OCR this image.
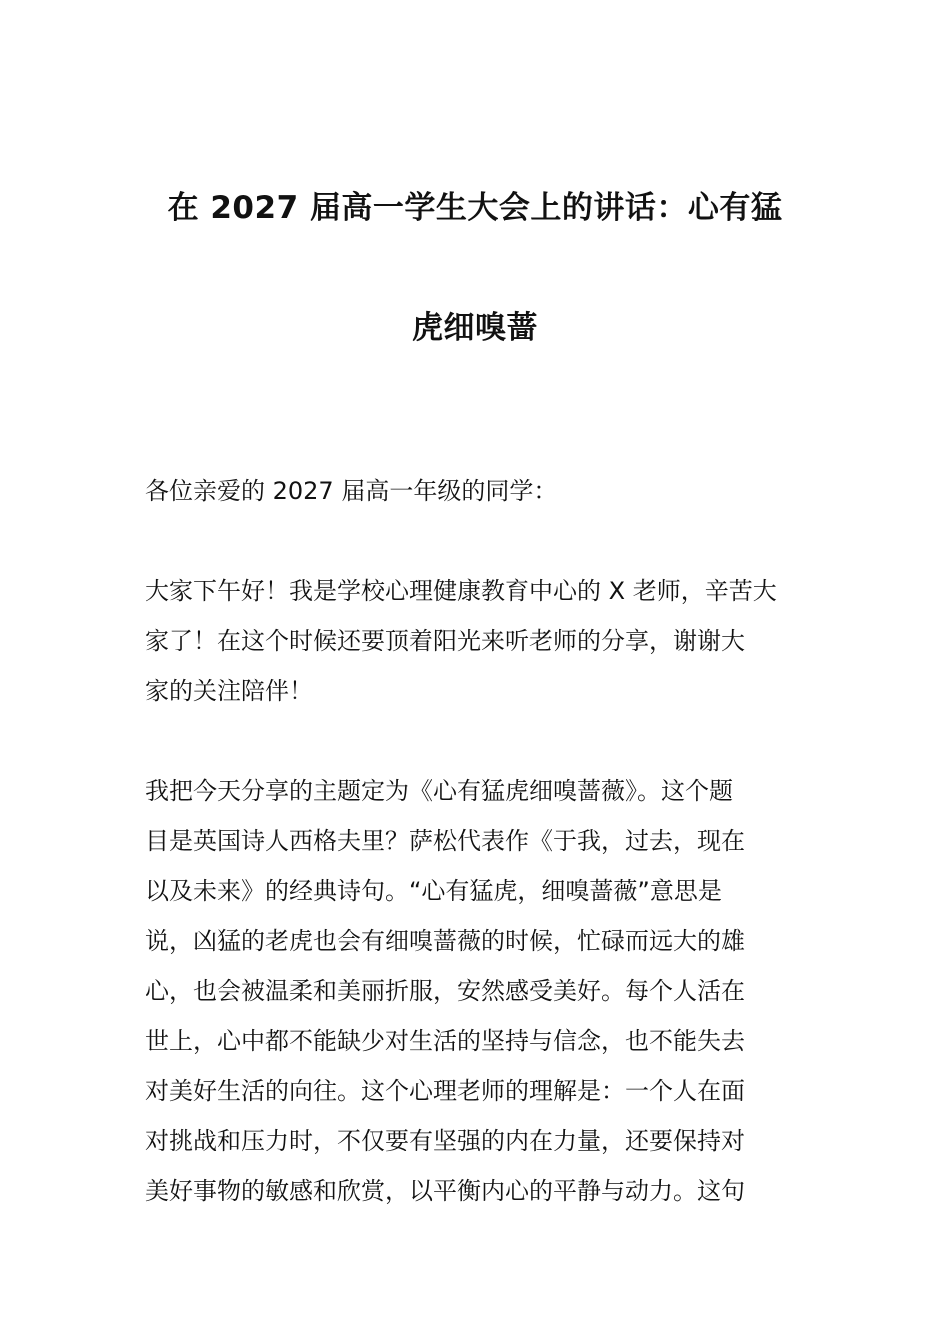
在 2027 届高一学生大会上的讲话：心有猛
虎细嗅蔷

各位亲爱的 2027 届高一年级的同学：

大家下午好！我是学校心理健康教育中心的 X 老师，辛苦大
家了！在这个时候还要顶着阳光来听老师的分享，谢谢大
家的关注陪伴！

我把今天分享的主题定为《心有猛虎细嗅蔷薇》。这个题
目是英国诗人西格夫里？萨松代表作《于我，过去，现在
以及未来》的经典诗句。“心有猛虎，细嗅蔷薇”意思是
说，凶猛的老虎也会有细嗅蔷薇的时候，忙碌而远大的雄
心，也会被温柔和美丽折服，安然感受美好。每个人活在
世上，心中都不能缺少对生活的坚持与信念，也不能失去
对美好生活的向往。这个心理老师的理解是：一个人在面
对挑战和压力时，不仅要有坚强的内在力量，还要保持对
美好事物的敏感和欣赏，以平衡内心的平静与动力。这句
